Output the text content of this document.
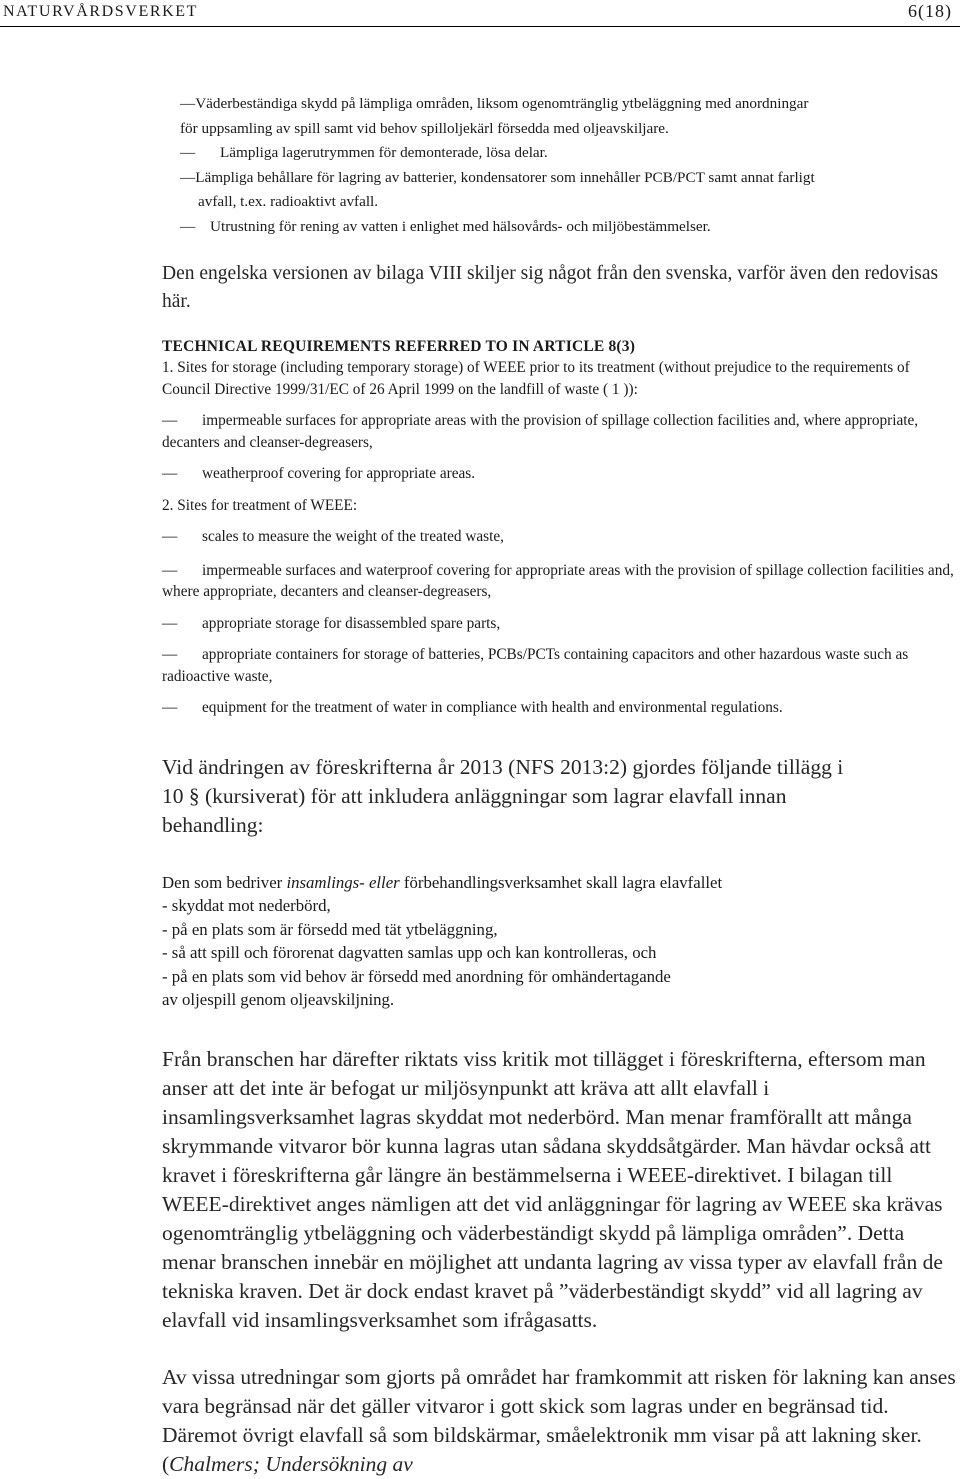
NATURVÅRDSVERKET	6(18)
—Väderbeständiga skydd på lämpliga områden, liksom ogenomtränglig ytbeläggning med anordningar
för uppsamling av spill samt vid behov spilloljekärl försedda med oljeavskiljare.
— Lämpliga lagerutrymmen för demonterade, lösa delar.
—Lämpliga behållare för lagring av batterier, kondensatorer som innehåller PCB/PCT samt annat farligt
avfall, t.ex. radioaktivt avfall.
— Utrustning för rening av vatten i enlighet med hälsovårds- och miljöbestämmelser.
Den engelska versionen av bilaga VIII skiljer sig något från den svenska, varför även den redovisas här.
TECHNICAL REQUIREMENTS REFERRED TO IN ARTICLE 8(3)

1. Sites for storage (including temporary storage) of WEEE prior to its treatment (without prejudice to the requirements of Council Directive 1999/31/EC of 26 April 1999 on the landfill of waste ( 1 )):

— impermeable surfaces for appropriate areas with the provision of spillage collection facilities and, where appropriate, decanters and cleanser-degreasers,

— weatherproof covering for appropriate areas.

2. Sites for treatment of WEEE:

— scales to measure the weight of the treated waste,

— impermeable surfaces and waterproof covering for appropriate areas with the provision of spillage collection facilities and, where appropriate, decanters and cleanser-degreasers,

— appropriate storage for disassembled spare parts,

— appropriate containers for storage of batteries, PCBs/PCTs containing capacitors and other hazardous waste such as radioactive waste,

— equipment for the treatment of water in compliance with health and environmental regulations.

Vid ändringen av föreskrifterna år 2013 (NFS 2013:2) gjordes följande tillägg i
10 § (kursiverat) för att inkludera anläggningar som lagrar elavfall innan
behandling:

Den som bedriver insamlings- eller förbehandlingsverksamhet skall lagra elavfallet

- skyddat mot nederbörd,

- på en plats som är försedd med tät ytbeläggning,

- så att spill och förorenat dagvatten samlas upp och kan kontrolleras, och

- på en plats som vid behov är försedd med anordning för omhändertagande

av oljespill genom oljeavskiljning.

Från branschen har därefter riktats viss kritik mot tillägget i föreskrifterna, eftersom man anser att det inte är befogat ur miljösynpunkt att kräva att allt elavfall i insamlingsverksamhet lagras skyddat mot nederbörd. Man menar framförallt att många skrymmande vitvaror bör kunna lagras utan sådana skyddsåtgärder. Man hävdar också att kravet i föreskrifterna går längre än bestämmelserna i WEEE-direktivet. I bilagan till WEEE-direktivet anges nämligen att det vid anläggningar för lagring av WEEE ska krävas ogenomtränglig ytbeläggning och väderbeständigt skydd på lämpliga områden”. Detta menar branschen innebär en möjlighet att undanta lagring av vissa typer av elavfall från de tekniska kraven. Det är dock endast kravet på ”väderbeständigt skydd” vid all lagring av elavfall vid insamlingsverksamhet som ifrågasatts.
Av vissa utredningar som gjorts på området har framkommit att risken för lakning kan anses vara begränsad när det gäller vitvaror i gott skick som lagras under en begränsad tid. Däremot övrigt elavfall så som bildskärmar, småelektronik mm visar på att lakning sker. (Chalmers; Undersökning av
